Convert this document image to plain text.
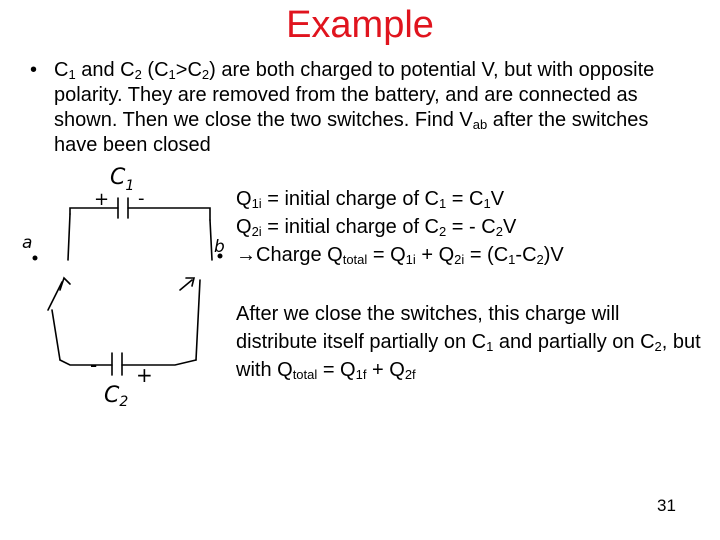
Example
• $C_1$ and $C_2$ $(C_1>C_2)$ are both charged to potential V, but with opposite polarity. They are removed from the battery, and are connected as shown. Then we close the two switches. Find $V_{ab}$ after the switches have been closed
$C_1$
+ -
a	b
- +
C2
$Q_{1i}$ = initial charge of $C_1 = C_1V$
$Q_{2i}$ = initial charge of $C_2$ = - $C_2V$
→Charge $Q_{total} = Q_{1i} + Q_{2i} = (C_1-C_2)V$
After we close the switches, this charge will distribute itself partially on $C_1$ and partially on $C_2$, but with $Q_{total} = Q_{1f} + Q_{2f}$
31
